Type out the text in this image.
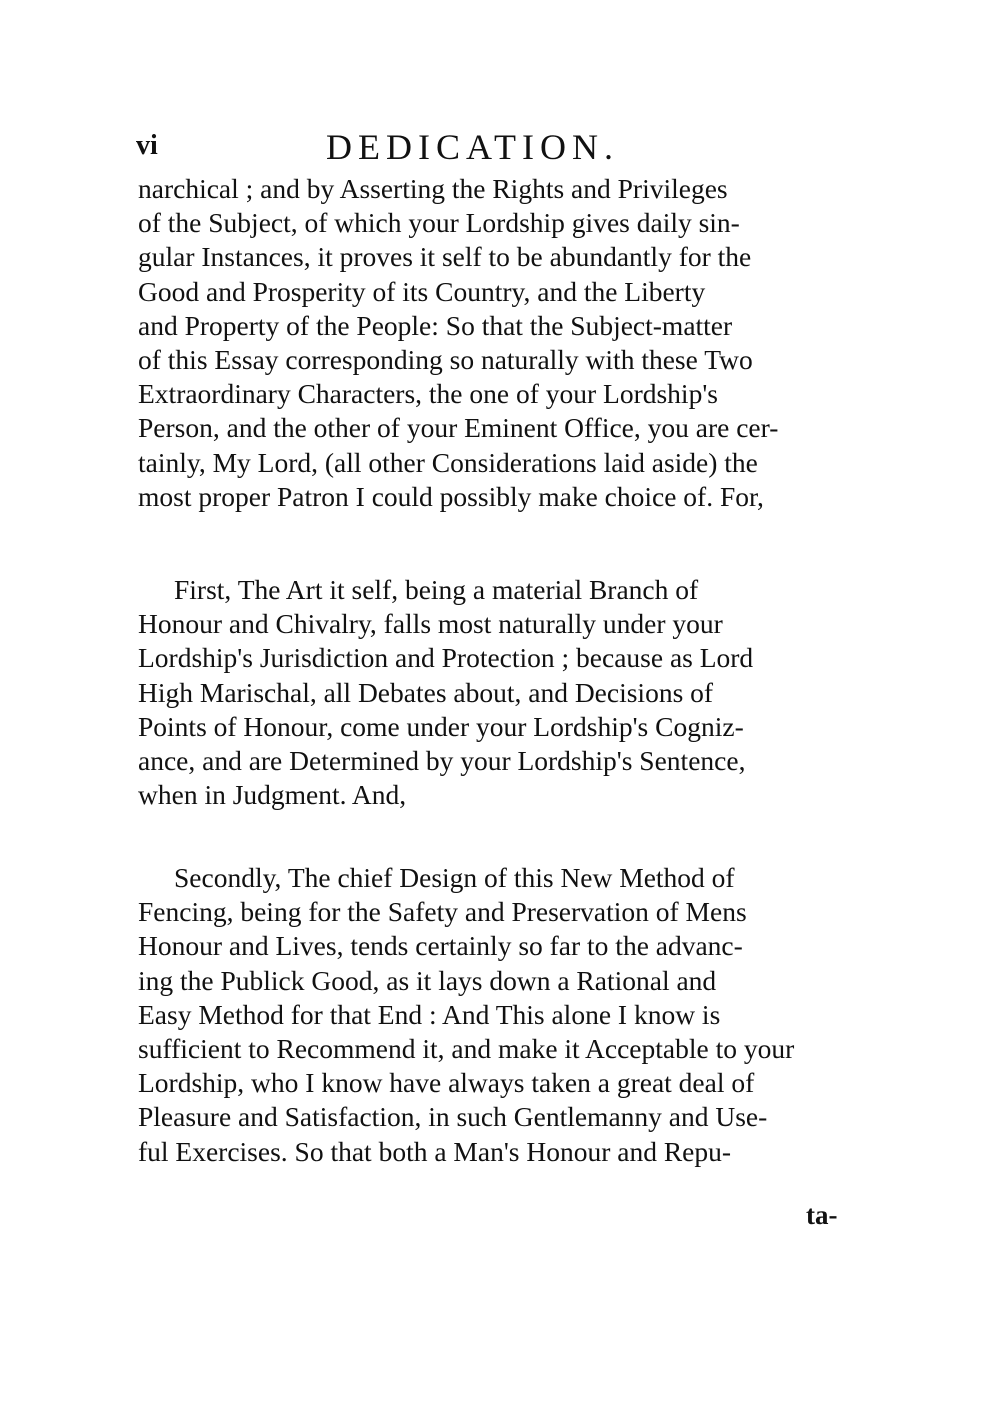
vi	DEDICATION.
narchical ; and by Asserting the Rights and Privileges
of the Subject, of which your Lordship gives daily sin-
gular Instances, it proves it self to be abundantly for the
Good and Prosperity of its Country, and the Liberty
and Property of the People: So that the Subject-matter
of this Essay corresponding so naturally with these Two
Extraordinary Characters, the one of your Lordship's
Person, and the other of your Eminent Office, you are cer-
tainly, My Lord, (all other Considerations laid aside) the
most proper Patron I could possibly make choice of. For,
First, The Art it self, being a material Branch of
Honour and Chivalry, falls most naturally under your
Lordship's Jurisdiction and Protection ; because as Lord
High Marischal, all Debates about, and Decisions of
Points of Honour, come under your Lordship's Cogniz-
ance, and are Determined by your Lordship's Sentence,
when in Judgment. And,
Secondly, The chief Design of this New Method of
Fencing, being for the Safety and Preservation of Mens
Honour and Lives, tends certainly so far to the advanc-
ing the Publick Good, as it lays down a Rational and
Easy Method for that End : And This alone I know is
sufficient to Recommend it, and make it Acceptable to your
Lordship, who I know have always taken a great deal of
Pleasure and Satisfaction, in such Gentlemanny and Use-
ful Exercises. So that both a Man's Honour and Repu-
ta-
